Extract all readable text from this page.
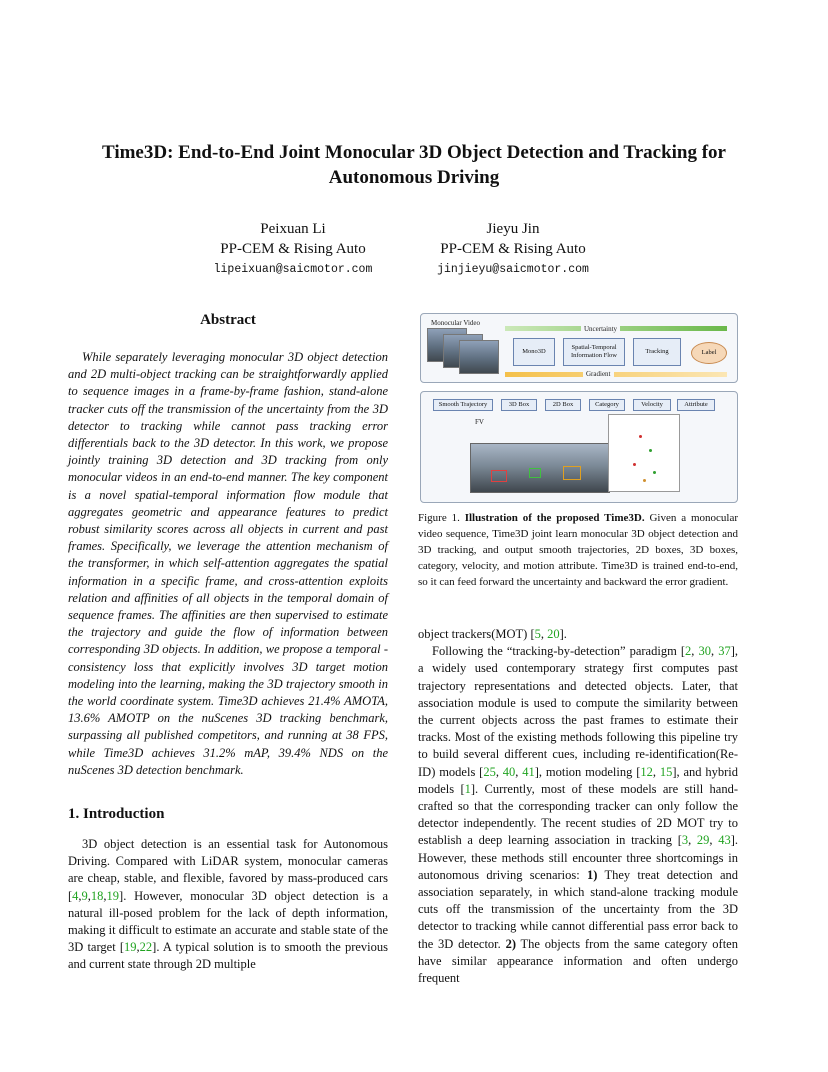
Time3D: End-to-End Joint Monocular 3D Object Detection and Tracking for
Autonomous Driving
Peixuan Li
PP-CEM & Rising Auto
lipeixuan@saicmotor.com
Jieyu Jin
PP-CEM & Rising Auto
jinjieyu@saicmotor.com
Abstract
While separately leveraging monocular 3D object detection and 2D multi-object tracking can be straightforwardly applied to sequence images in a frame-by-frame fashion, stand-alone tracker cuts off the transmission of the uncertainty from the 3D detector to tracking while cannot pass tracking error differentials back to the 3D detector. In this work, we propose jointly training 3D detection and 3D tracking from only monocular videos in an end-to-end manner. The key component is a novel spatial-temporal information flow module that aggregates geometric and appearance features to predict robust similarity scores across all objects in current and past frames. Specifically, we leverage the attention mechanism of the transformer, in which self-attention aggregates the spatial information in a specific frame, and cross-attention exploits relation and affinities of all objects in the temporal domain of sequence frames. The affinities are then supervised to estimate the trajectory and guide the flow of information between corresponding 3D objects. In addition, we propose a temporal -consistency loss that explicitly involves 3D target motion modeling into the learning, making the 3D trajectory smooth in the world coordinate system. Time3D achieves 21.4% AMOTA, 13.6% AMOTP on the nuScenes 3D tracking benchmark, surpassing all published competitors, and running at 38 FPS, while Time3D achieves 31.2% mAP, 39.4% NDS on the nuScenes 3D detection benchmark.
1. Introduction

3D object detection is an essential task for Autonomous Driving. Compared with LiDAR system, monocular cameras are cheap, stable, and flexible, favored by mass-produced cars [4,9,18,19]. However, monocular 3D object detection is a natural ill-posed problem for the lack of depth information, making it difficult to estimate an accurate and stable state of the 3D target [19,22]. A typical solution is to smooth the previous and current state through 2D multiple

Monocular Video
Uncertainty
Mono3D
Spatial-Temporal Information Flow
Tracking	Label
Gradient
Smooth Trajectory	3D Box	2D Box	Category	Velocity	Attribute
FV
Figure 1. Illustration of the proposed Time3D. Given a monocular video sequence, Time3D joint learn monocular 3D object detection and 3D tracking, and output smooth trajectories, 2D boxes, 3D boxes, category, velocity, and motion attribute. Time3D is trained end-to-end, so it can feed forward the uncertainty and backward the error gradient.
object trackers(MOT) [5, 20].

Following the “tracking-by-detection” paradigm [2, 30, 37], a widely used contemporary strategy first computes past trajectory representations and detected objects. Later, that association module is used to compute the similarity between the current objects across the past frames to estimate their tracks. Most of the existing methods following this pipeline try to build several different cues, including re-identification(Re-ID) models [25, 40, 41], motion modeling [12, 15], and hybrid models [1]. Currently, most of these models are still hand-crafted so that the corresponding tracker can only follow the detector independently. The recent studies of 2D MOT try to establish a deep learning association in tracking [3, 29, 43]. However, these methods still encounter three shortcomings in autonomous driving scenarios: 1) They treat detection and association separately, in which stand-alone tracking module cuts off the transmission of the uncertainty from the 3D detector to tracking while cannot differential pass error back to the 3D detector. 2) The objects from the same category often have similar appearance information and often undergo frequent
